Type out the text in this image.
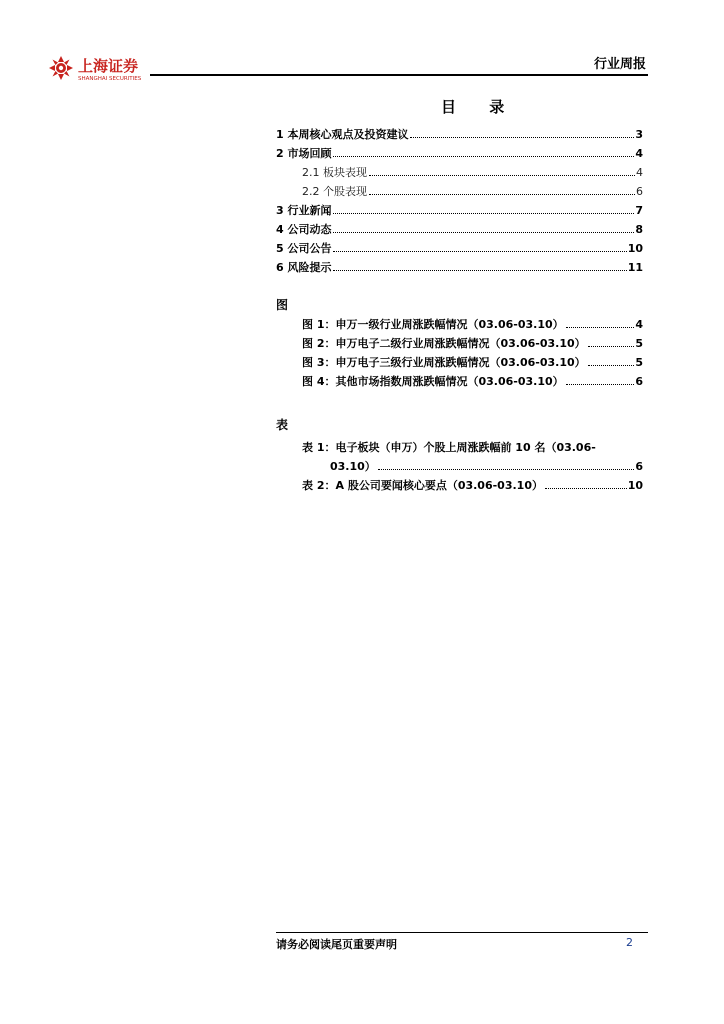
上海证券
SHANGHAI SECURITIES
行业周报
目 录
1 本周核心观点及投资建议	3
2 市场回顾	4
2.1 板块表现	4
2.2 个股表现	6
3 行业新闻	7
4 公司动态	8
5 公司公告	10
6 风险提示	11
图
图 1：申万一级行业周涨跌幅情况（03.06-03.10）	4
图 2：申万电子二级行业周涨跌幅情况（03.06-03.10）	5
图 3：申万电子三级行业周涨跌幅情况（03.06-03.10）	5
图 4：其他市场指数周涨跌幅情况（03.06-03.10）	6
表
表 1：电子板块（申万）个股上周涨跌幅前 10 名（03.06-
03.10）	6
表 2：A 股公司要闻核心要点（03.06-03.10）	10
请务必阅读尾页重要声明	2
